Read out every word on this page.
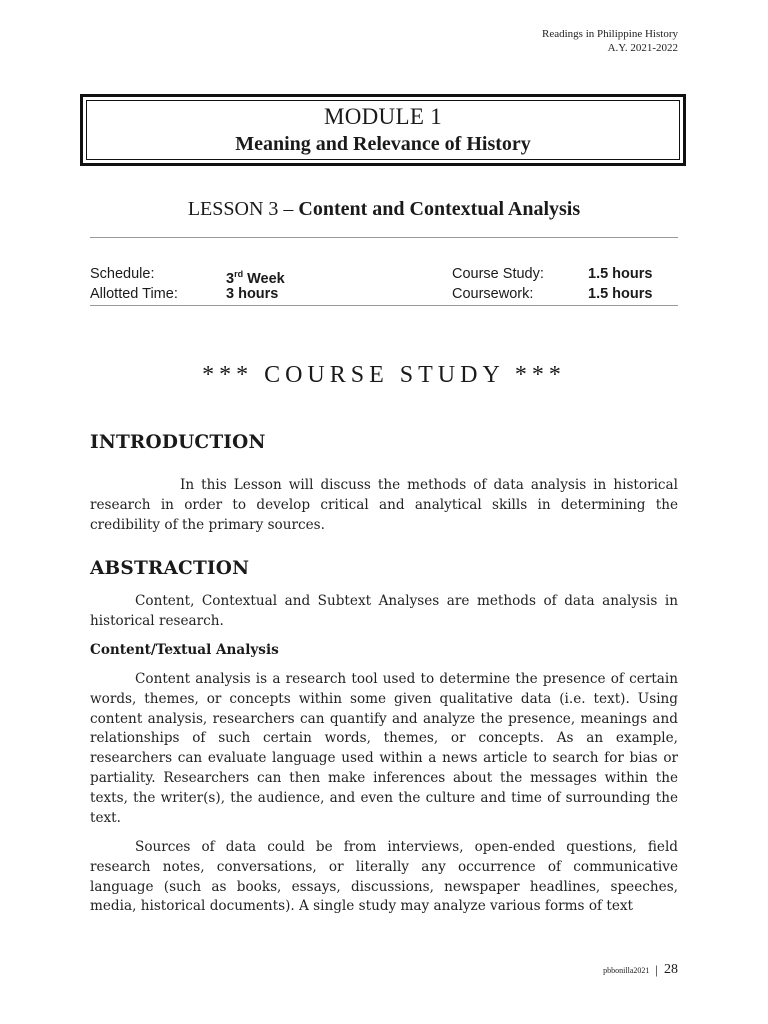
Readings in Philippine History
A.Y. 2021-2022
MODULE 1
Meaning and Relevance of History
LESSON 3 – Content and Contextual Analysis
Schedule:	3rd Week	Course Study:	1.5 hours
Allotted Time:	3 hours	Coursework:	1.5 hours
*** COURSE STUDY ***
INTRODUCTION
In this Lesson will discuss the methods of data analysis in historical research in order to develop critical and analytical skills in determining the credibility of the primary sources.
ABSTRACTION
Content, Contextual and Subtext Analyses are methods of data analysis in historical research.
Content/Textual Analysis
Content analysis is a research tool used to determine the presence of certain words, themes, or concepts within some given qualitative data (i.e. text). Using content analysis, researchers can quantify and analyze the presence, meanings and relationships of such certain words, themes, or concepts. As an example, researchers can evaluate language used within a news article to search for bias or partiality. Researchers can then make inferences about the messages within the texts, the writer(s), the audience, and even the culture and time of surrounding the text.
Sources of data could be from interviews, open-ended questions, field research notes, conversations, or literally any occurrence of communicative language (such as books, essays, discussions, newspaper headlines, speeches, media, historical documents). A single study may analyze various forms of text
pbbonilla2021 | 28
